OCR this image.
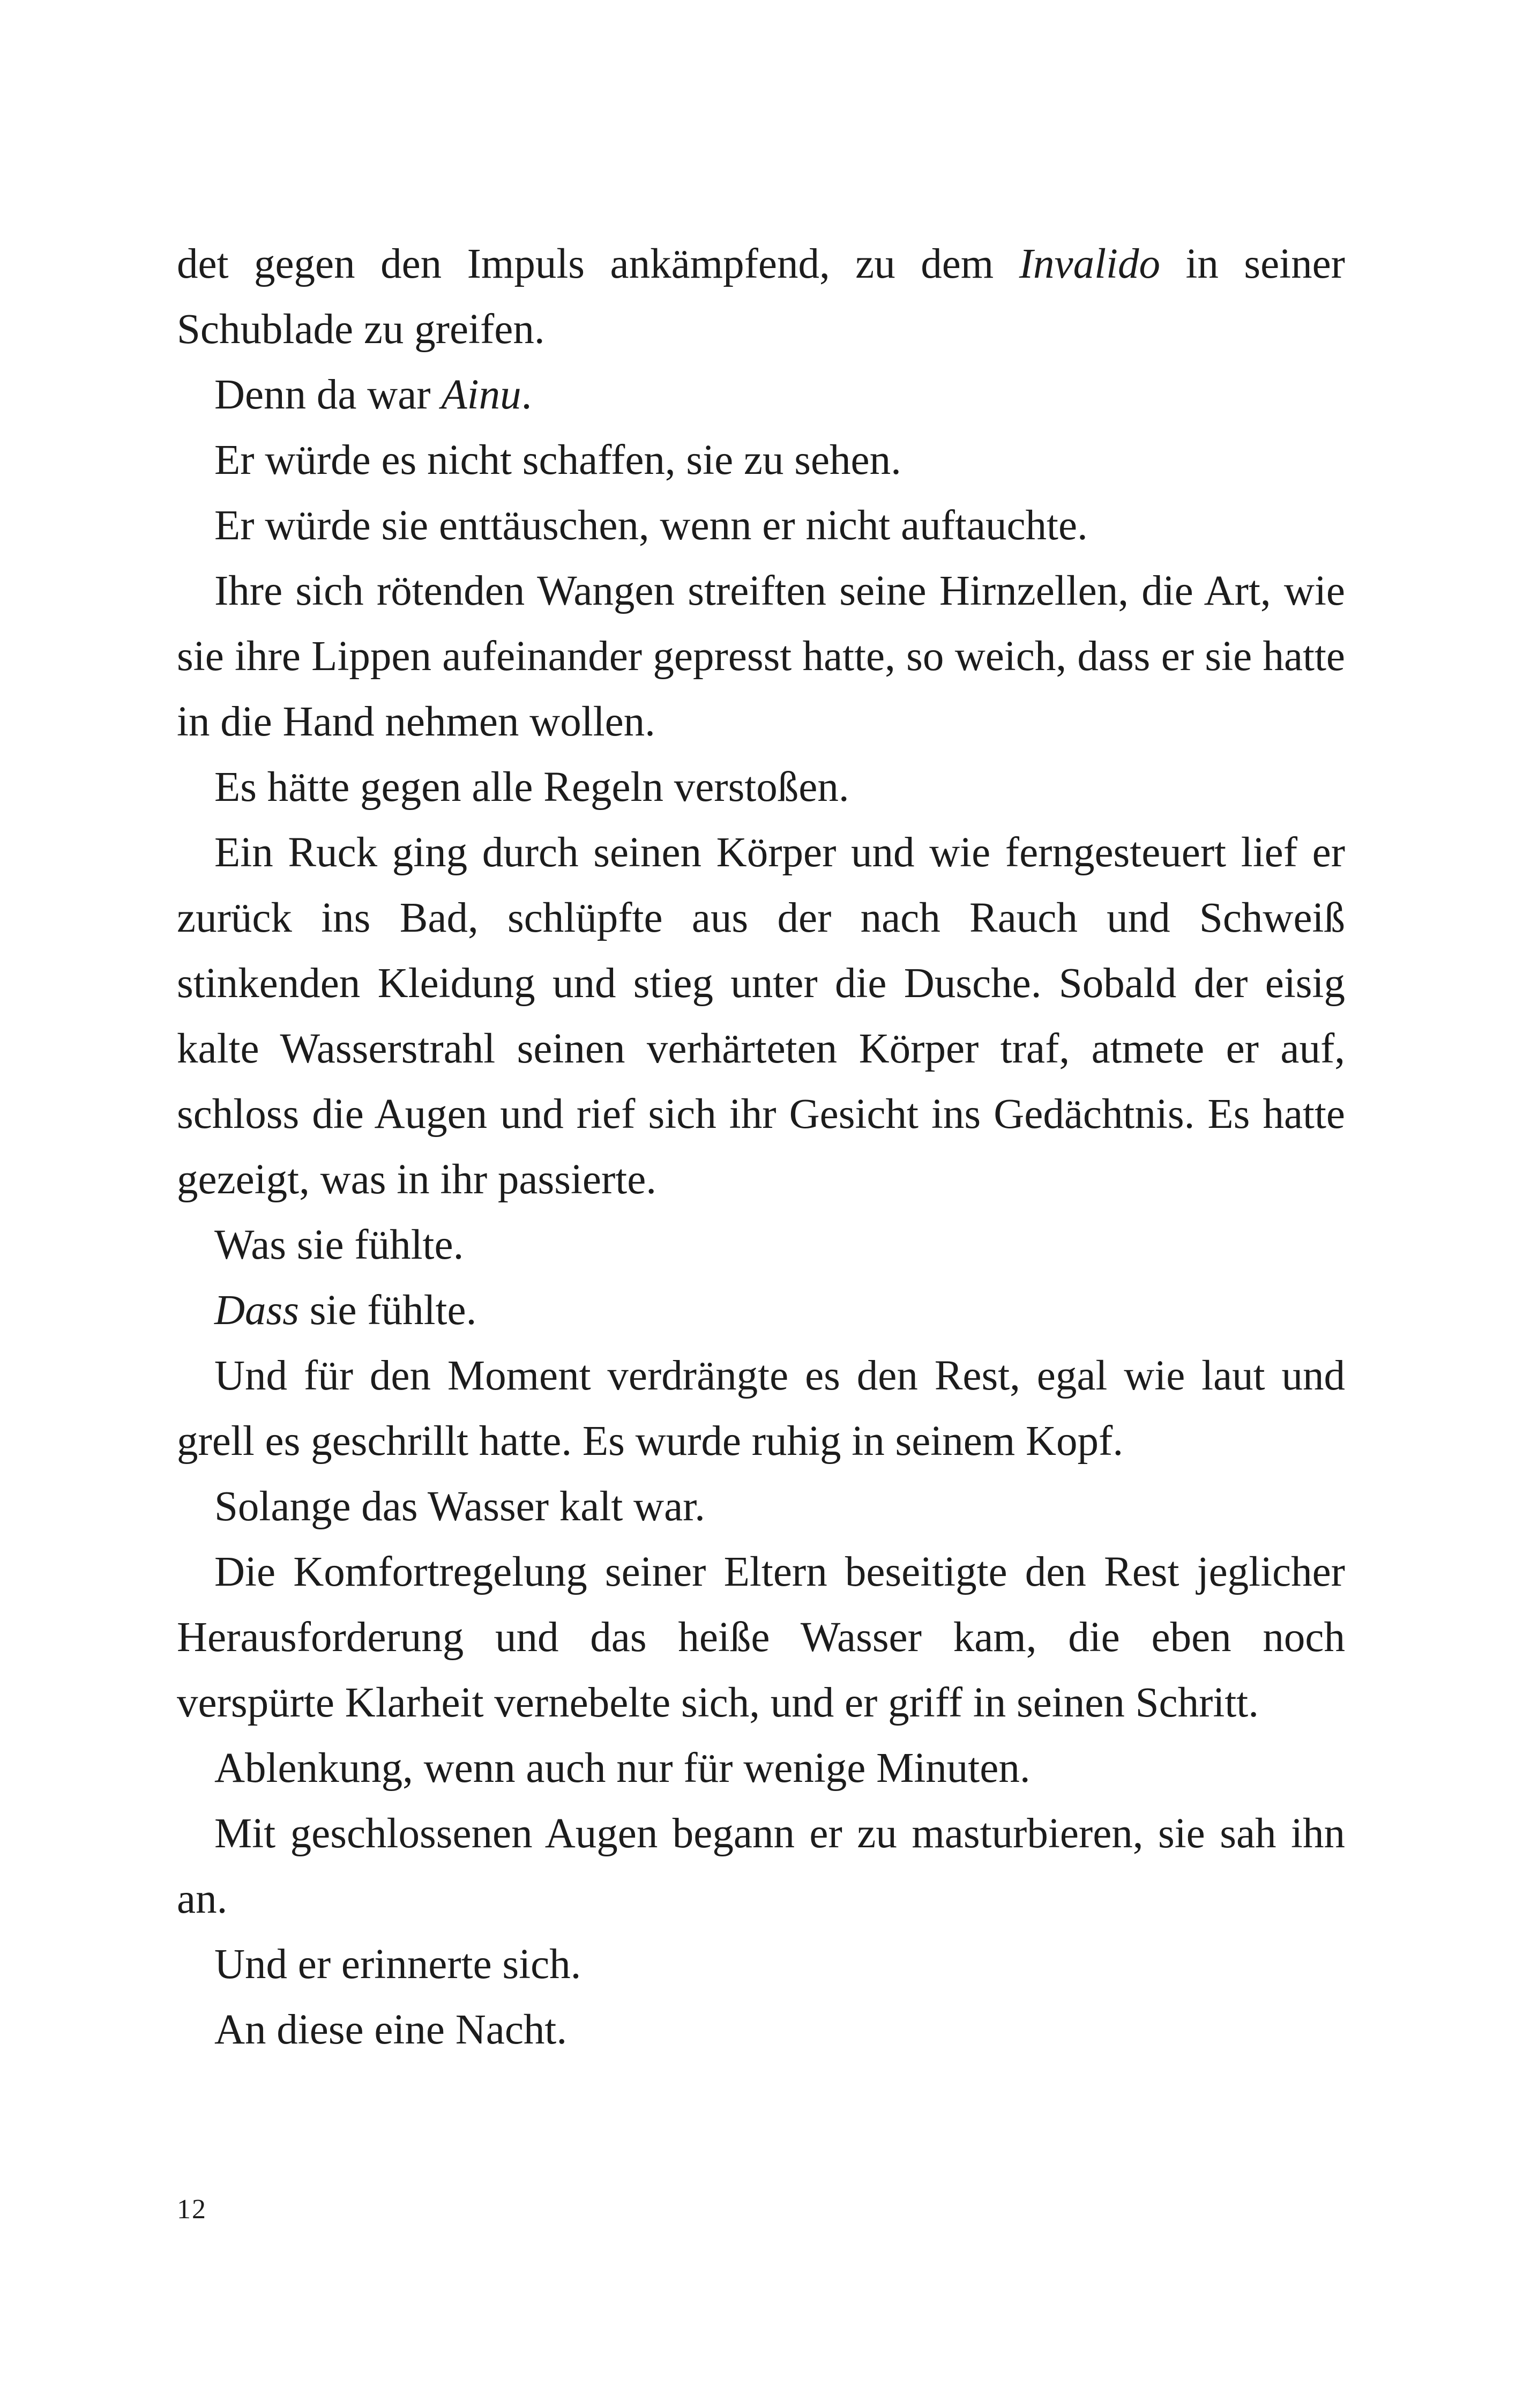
det gegen den Impuls ankämpfend, zu dem Invalido in seiner Schublade zu greifen.

Denn da war Ainu.

Er würde es nicht schaffen, sie zu sehen.

Er würde sie enttäuschen, wenn er nicht auftauchte.

Ihre sich rötenden Wangen streiften seine Hirnzellen, die Art, wie sie ihre Lippen aufeinander gepresst hatte, so weich, dass er sie hatte in die Hand nehmen wollen.

Es hätte gegen alle Regeln verstoßen.

Ein Ruck ging durch seinen Körper und wie ferngesteuert lief er zurück ins Bad, schlüpfte aus der nach Rauch und Schweiß stinkenden Kleidung und stieg unter die Dusche. Sobald der eisig kalte Wasserstrahl seinen verhärteten Körper traf, atmete er auf, schloss die Augen und rief sich ihr Gesicht ins Gedächtnis. Es hatte gezeigt, was in ihr passierte.

Was sie fühlte.

Dass sie fühlte.

Und für den Moment verdrängte es den Rest, egal wie laut und grell es geschrillt hatte. Es wurde ruhig in seinem Kopf.

Solange das Wasser kalt war.

Die Komfortregelung seiner Eltern beseitigte den Rest jeglicher Herausforderung und das heiße Wasser kam, die eben noch verspürte Klarheit vernebelte sich, und er griff in seinen Schritt.

Ablenkung, wenn auch nur für wenige Minuten.

Mit geschlossenen Augen begann er zu masturbieren, sie sah ihn an.

Und er erinnerte sich.

An diese eine Nacht.

12
